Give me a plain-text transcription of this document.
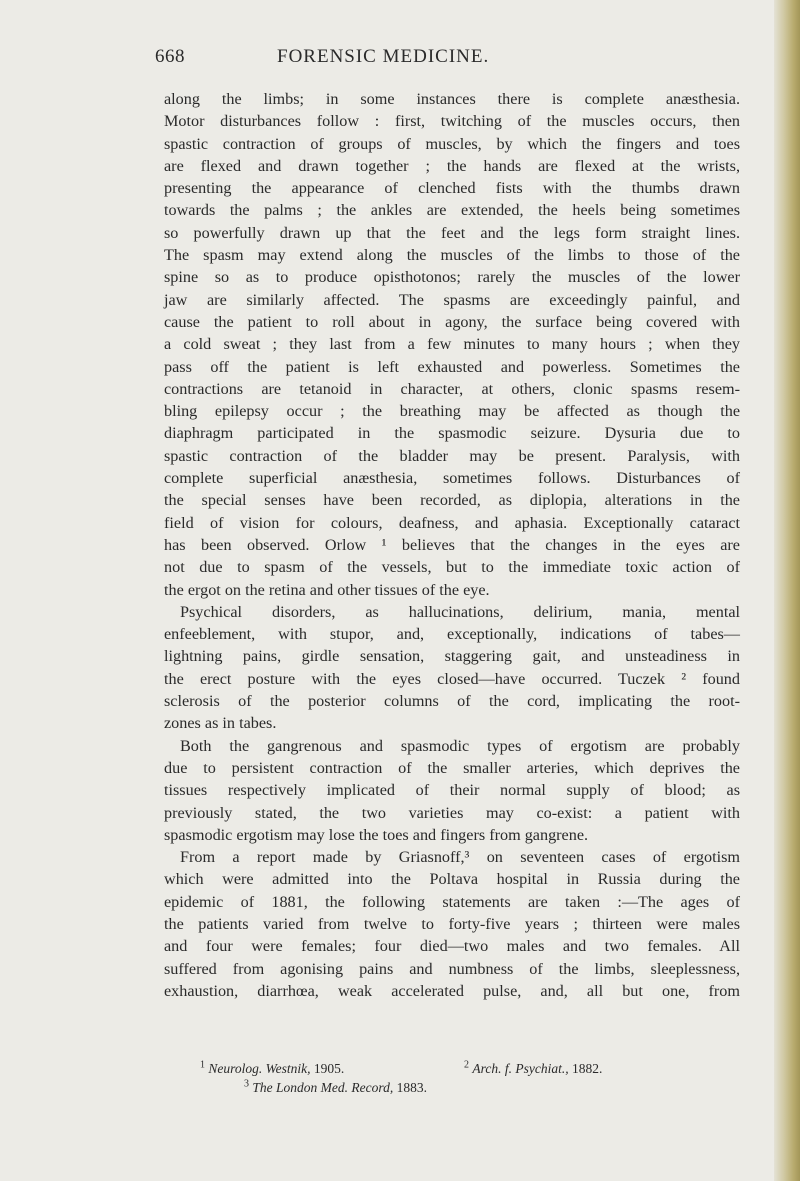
668	FORENSIC MEDICINE.

along the limbs; in some instances there is complete anæsthesia.
Motor disturbances follow : first, twitching of the muscles occurs, then
spastic contraction of groups of muscles, by which the fingers and toes
are flexed and drawn together ; the hands are flexed at the wrists,
presenting the appearance of clenched fists with the thumbs drawn
towards the palms ; the ankles are extended, the heels being sometimes
so powerfully drawn up that the feet and the legs form straight lines.
The spasm may extend along the muscles of the limbs to those of the
spine so as to produce opisthotonos; rarely the muscles of the lower
jaw are similarly affected. The spasms are exceedingly painful, and
cause the patient to roll about in agony, the surface being covered with
a cold sweat ; they last from a few minutes to many hours ; when they
pass off the patient is left exhausted and powerless. Sometimes the
contractions are tetanoid in character, at others, clonic spasms resem-
bling epilepsy occur ; the breathing may be affected as though the
diaphragm participated in the spasmodic seizure. Dysuria due to
spastic contraction of the bladder may be present. Paralysis, with
complete superficial anæsthesia, sometimes follows. Disturbances of
the special senses have been recorded, as diplopia, alterations in the
field of vision for colours, deafness, and aphasia. Exceptionally cataract
has been observed. Orlow ¹ believes that the changes in the eyes are
not due to spasm of the vessels, but to the immediate toxic action of
the ergot on the retina and other tissues of the eye.

Psychical disorders, as hallucinations, delirium, mania, mental
enfeeblement, with stupor, and, exceptionally, indications of tabes—
lightning pains, girdle sensation, staggering gait, and unsteadiness in
the erect posture with the eyes closed—have occurred. Tuczek ² found
sclerosis of the posterior columns of the cord, implicating the root-
zones as in tabes.

Both the gangrenous and spasmodic types of ergotism are probably
due to persistent contraction of the smaller arteries, which deprives the
tissues respectively implicated of their normal supply of blood; as
previously stated, the two varieties may co-exist: a patient with
spasmodic ergotism may lose the toes and fingers from gangrene.

From a report made by Griasnoff,³ on seventeen cases of ergotism
which were admitted into the Poltava hospital in Russia during the
epidemic of 1881, the following statements are taken :—The ages of
the patients varied from twelve to forty-five years ; thirteen were males
and four were females; four died—two males and two females. All
suffered from agonising pains and numbness of the limbs, sleeplessness,
exhaustion, diarrhœa, weak accelerated pulse, and, all but one, from

$^1$ Neurolog. Westnik, 1905.	$^2$ Arch. f. Psychiat., 1882.
$^3$ The London Med. Record, 1883.
